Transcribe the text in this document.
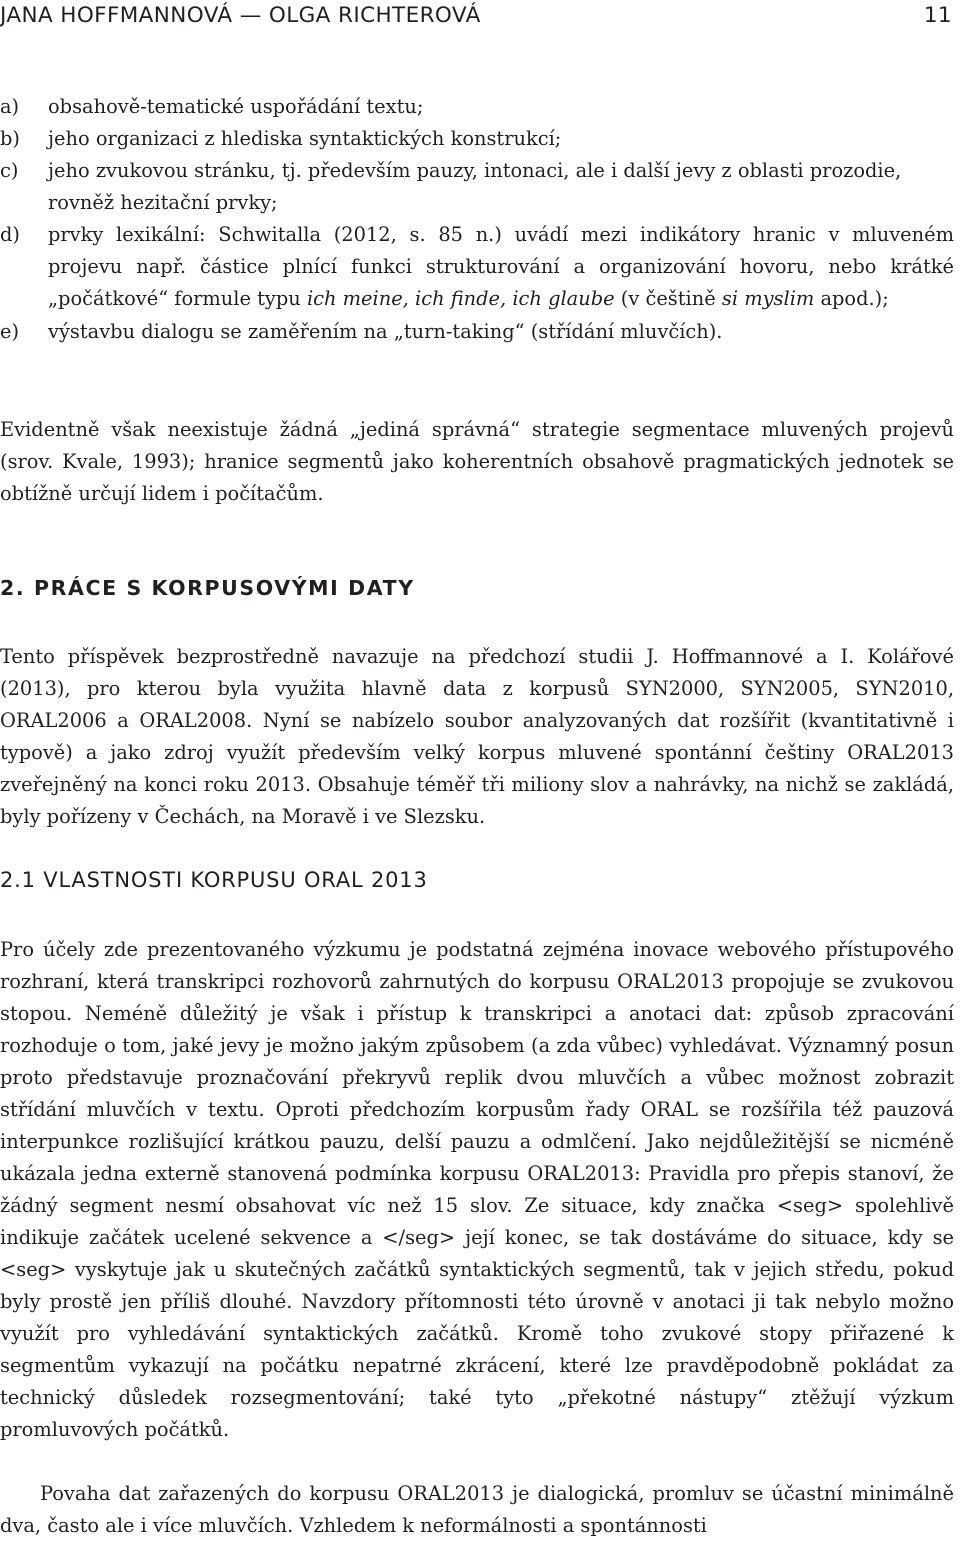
JANA HOFFMANNOVÁ — OLGA RICHTEROVÁ	11
a) obsahově-tematické uspořádání textu;
b) jeho organizaci z hlediska syntaktických konstrukcí;
c) jeho zvukovou stránku, tj. především pauzy, intonaci, ale i další jevy z oblasti prozodie, rovněž hezitační prvky;
d) prvky lexikální: Schwitalla (2012, s. 85 n.) uvádí mezi indikátory hranic v mluveném projevu např. částice plnící funkci strukturování a organizování hovoru, nebo krátké „počátkové“ formule typu ich meine, ich finde, ich glaube (v češtině si myslim apod.);
e) výstavbu dialogu se zaměřením na „turn-taking“ (střídání mluvčích).

Evidentně však neexistuje žádná „jediná správná“ strategie segmentace mluvených projevů (srov. Kvale, 1993); hranice segmentů jako koherentních obsahově pragmatických jednotek se obtížně určují lidem i počítačům.

2. PRÁCE S KORPUSOVÝMI DATY

Tento příspěvek bezprostředně navazuje na předchozí studii J. Hoffmannové a I. Kolářové (2013), pro kterou byla využita hlavně data z korpusů SYN2000, SYN2005, SYN2010, ORAL2006 a ORAL2008. Nyní se nabízelo soubor analyzovaných dat rozšířit (kvantitativně i typově) a jako zdroj využít především velký korpus mluvené spontánní češtiny ORAL2013 zveřejněný na konci roku 2013. Obsahuje téměř tři miliony slov a nahrávky, na nichž se zakládá, byly pořízeny v Čechách, na Moravě i ve Slezsku.

2.1 VLASTNOSTI KORPUSU ORAL 2013

Pro účely zde prezentovaného výzkumu je podstatná zejména inovace webového přístupového rozhraní, která transkripci rozhovorů zahrnutých do korpusu ORAL2013 propojuje se zvukovou stopou. Neméně důležitý je však i přístup k transkripci a anotaci dat: způsob zpracování rozhoduje o tom, jaké jevy je možno jakým způsobem (a zda vůbec) vyhledávat. Významný posun proto představuje proznačování překryvů replik dvou mluvčích a vůbec možnost zobrazit střídání mluvčích v textu. Oproti předchozím korpusům řady ORAL se rozšířila též pauzová interpunkce rozlišující krátkou pauzu, delší pauzu a odmlčení. Jako nejdůležitější se nicméně ukázala jedna externě stanovená podmínka korpusu ORAL2013: Pravidla pro přepis stanoví, že žádný segment nesmí obsahovat víc než 15 slov. Ze situace, kdy značka <seg> spolehlivě indikuje začátek ucelené sekvence a </seg> její konec, se tak dostáváme do situace, kdy se <seg> vyskytuje jak u skutečných začátků syntaktických segmentů, tak v jejich středu, pokud byly prostě jen příliš dlouhé. Navzdory přítomnosti této úrovně v anotaci ji tak nebylo možno využít pro vyhledávání syntaktických začátků. Kromě toho zvukové stopy přiřazené k segmentům vykazují na počátku nepatrné zkrácení, které lze pravděpodobně pokládat za technický důsledek rozsegmentování; také tyto „překotné nástupy“ ztěžují výzkum promluvových počátků.

Povaha dat zařazených do korpusu ORAL2013 je dialogická, promluv se účastní minimálně dva, často ale i více mluvčích. Vzhledem k neformálnosti a spontánnosti
